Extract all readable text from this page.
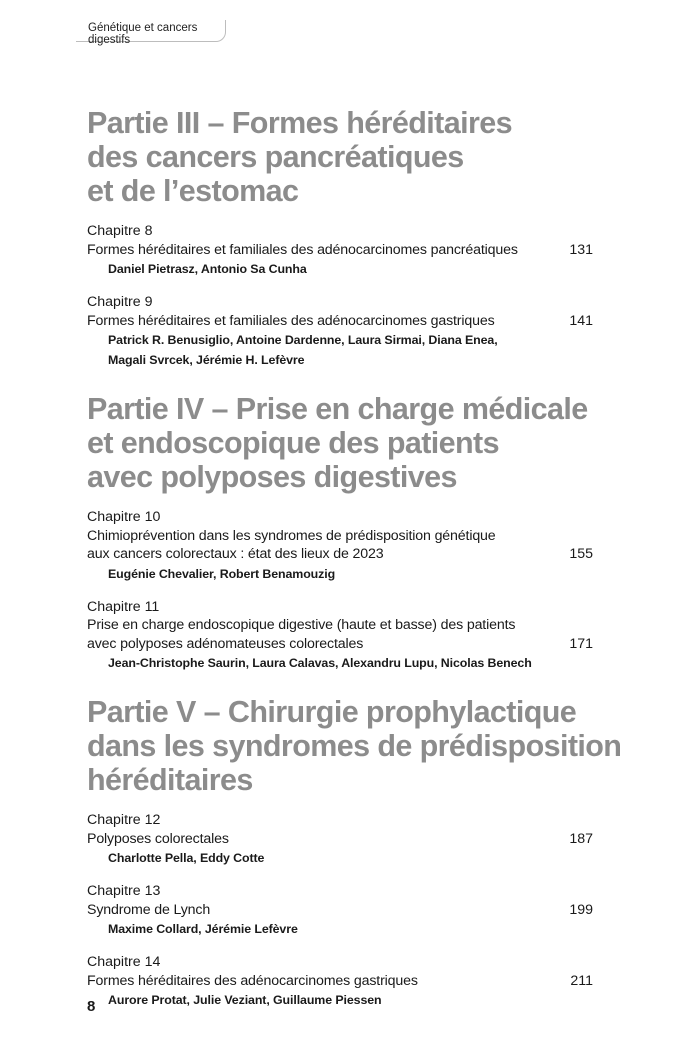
Génétique et cancers digestifs
Partie III – Formes héréditaires
des cancers pancréatiques
et de l’estomac
Chapitre 8
Formes héréditaires et familiales des adénocarcinomes pancréatiques	131
Daniel Pietrasz, Antonio Sa Cunha
Chapitre 9
Formes héréditaires et familiales des adénocarcinomes gastriques	141
Patrick R. Benusiglio, Antoine Dardenne, Laura Sirmai, Diana Enea,
Magali Svrcek, Jérémie H. Lefèvre
Partie IV – Prise en charge médicale
et endoscopique des patients
avec polyposes digestives
Chapitre 10
Chimioprévention dans les syndromes de prédisposition génétique
aux cancers colorectaux : état des lieux de 2023	155
Eugénie Chevalier, Robert Benamouzig
Chapitre 11
Prise en charge endoscopique digestive (haute et basse) des patients
avec polyposes adénomateuses colorectales	171
Jean-Christophe Saurin, Laura Calavas, Alexandru Lupu, Nicolas Benech
Partie V – Chirurgie prophylactique
dans les syndromes de prédisposition
héréditaires
Chapitre 12
Polyposes colorectales	187
Charlotte Pella, Eddy Cotte
Chapitre 13
Syndrome de Lynch	199
Maxime Collard, Jérémie Lefèvre
Chapitre 14
Formes héréditaires des adénocarcinomes gastriques	211
Aurore Protat, Julie Veziant, Guillaume Piessen
8
